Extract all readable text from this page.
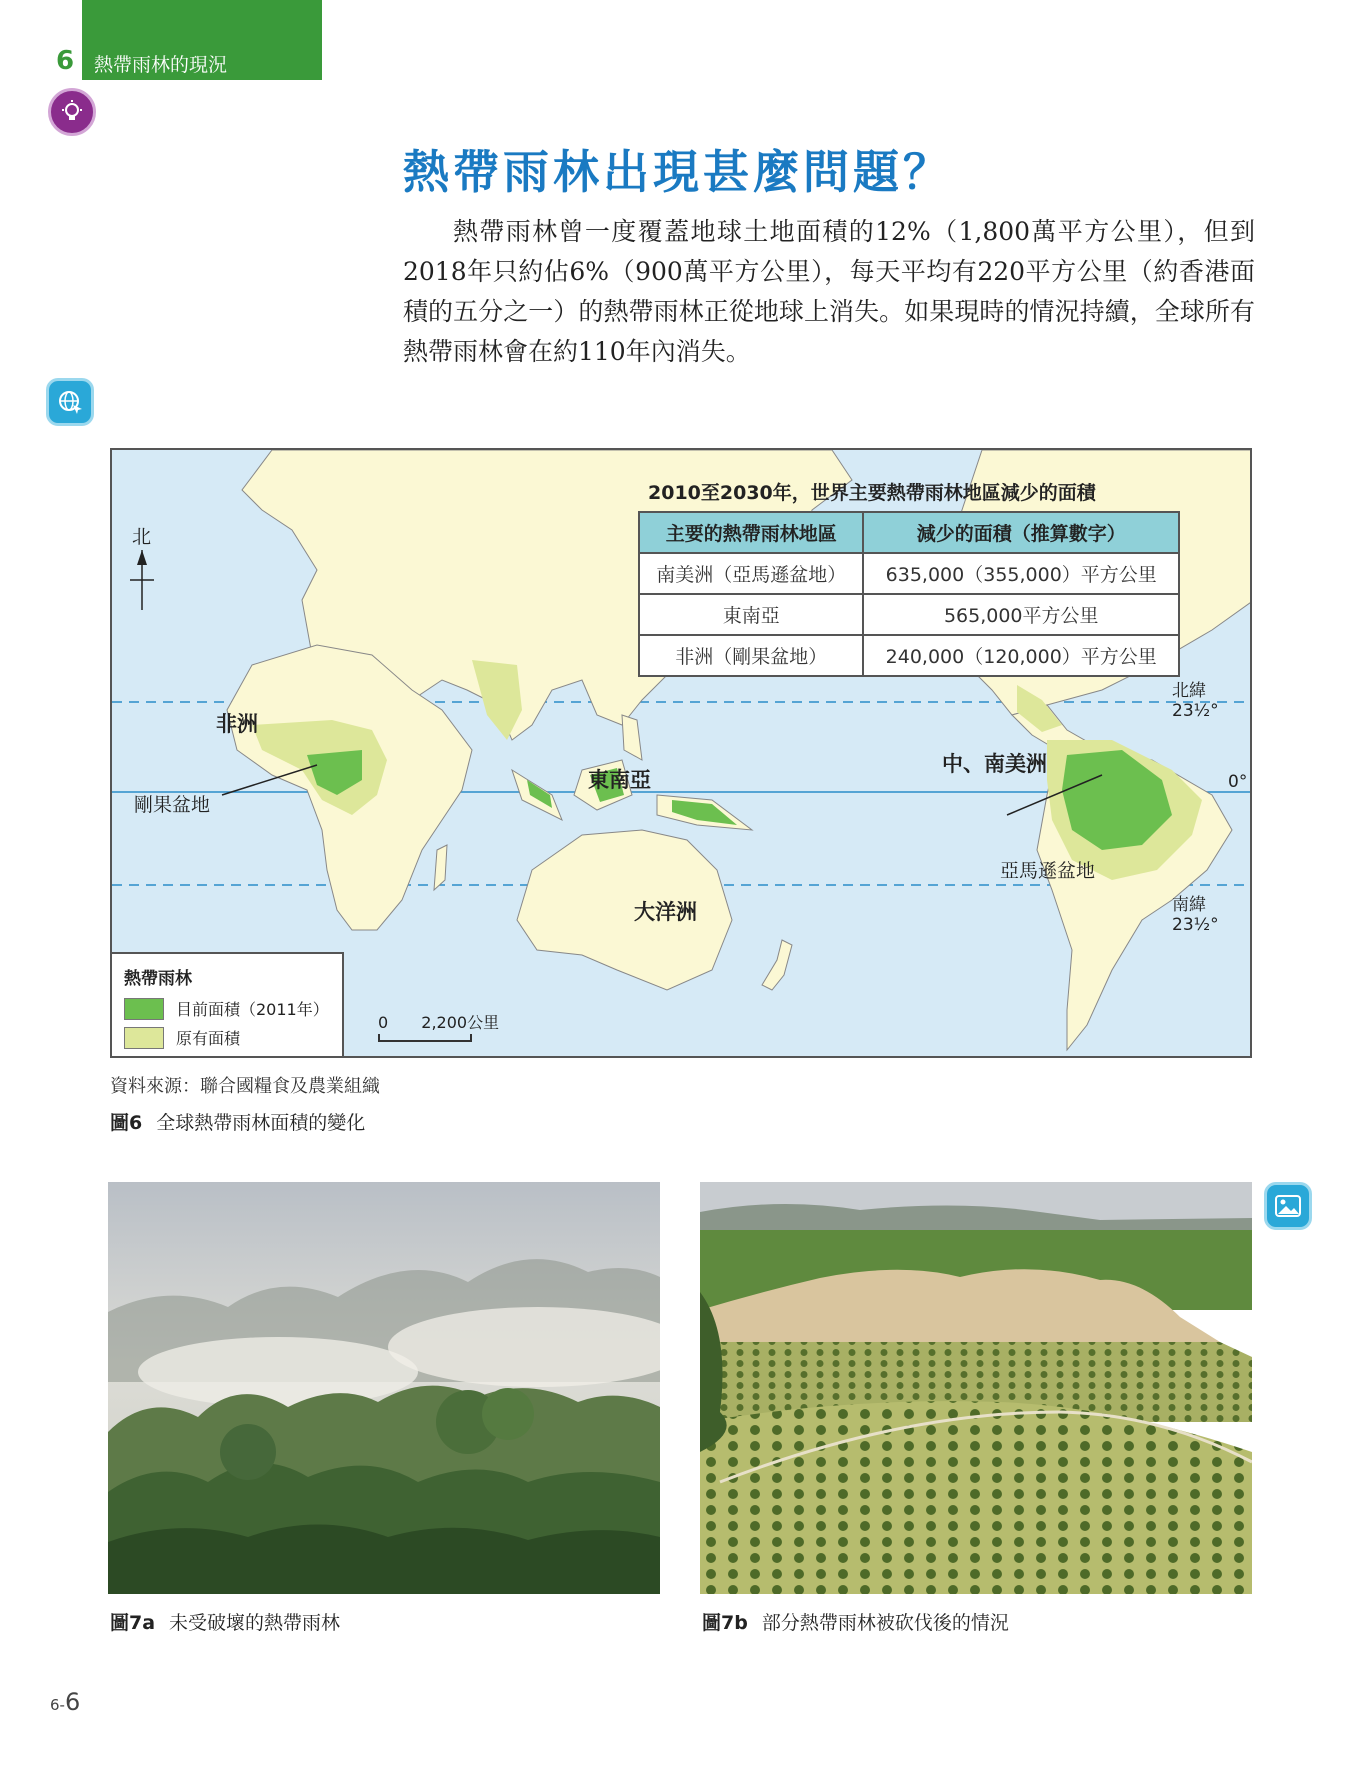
6 熱帶雨林的現況
熱帶雨林出現甚麼問題？
熱帶雨林曾一度覆蓋地球土地面積的12%（1,800萬平方公里），但到2018年只約佔6%（900萬平方公里），每天平均有220平方公里（約香港面積的五分之一）的熱帶雨林正從地球上消失。如果現時的情況持續，全球所有熱帶雨林會在約110年內消失。
北
非洲
剛果盆地
東南亞
大洋洲
中、南美洲
亞馬遜盆地
北緯23½°
0°
南緯23½°
2010至2030年，世界主要熱帶雨林地區減少的面積
主要的熱帶雨林地區	減少的面積（推算數字）
南美洲（亞馬遜盆地）	635,000（355,000）平方公里
東南亞	565,000平方公里
非洲（剛果盆地）	240,000（120,000）平方公里
熱帶雨林
目前面積（2011年）
原有面積
0 2,200公里
資料來源：聯合國糧食及農業組織
圖6 全球熱帶雨林面積的變化
圖7a 未受破壞的熱帶雨林	圖7b 部分熱帶雨林被砍伐後的情況
6-6
